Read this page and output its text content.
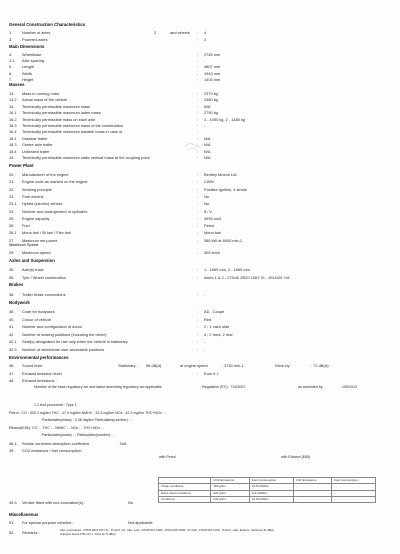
General Construction Characteristics
1.	Number of axles	2	and wheels : 4
3.	Powered axles	: 2
Main Dimensions
4.	Wheelbase	: 2745 mm
4.1. Axle spacing	: -
5.	Length	: 4807 mm
6.	Width	: 1943 mm
7.	Height	: 1404 mm
Masses
13. Mass in running order	: 2370 kg
13.2 Actual mass of the vehicle	: 2480 kg
14. Technically permissible maximum mass	: N/A
16.1 Technically permissible maximum laden mass	: 2750 kg
16.2 Technically permissible mass on each axle	: 1 - 1050 kg, 2 - 1480 kg
16.3 Technically permissible maximum mass of the combination	: -
16.4 Technically permissible maximum towable mass in case of	:
18.1 Drawbar trailer	: N/A
18.3 Centre axle trailer	: N/A
18.4 Unbraked trailer	: N/A
19. Technically permissible maximum static vertical mass at the coupling point	: N/A
Power Plant
20. Manufacturer of the engine	: Bentley Motors Ltd.
21. Engine code as marked on the engine	: CWM
22. Working principle	: Positive ignition, 4 stroke
23. Pure electric	: No
23.1 Hybrid (electric) vehicle	: No
24. Number and arrangement of cylinders	: 8 / V
25. Engine capacity	: 3993 cm3
26. Fuel	: Petrol
26.1 Mono fuel / Bi fuel / Flex fuel	: Mono fuel
27. Maximum net power	: 388 kW at 6000 min-1
Maximum Speed
29. Maximum speed	: 305 km/h
Axles and Suspension
30. Axle(s) track	: 1 - 1669 mm, 2 - 1660 mm
35. Tyre / Wheel combination	: Axles 1 & 2 - 275/40 ZR20 106Y XL ; 8½Jx20 +41
Brakes
36. Trailer brake connections	: -
Bodywork
38. Code for bodywork	: AD - Coupé
40. Colour of vehicle	: Red
41. Number and configuration of doors	: 2 ; 1 each side
42. Number of seating positions (including the driver)	: 4 ; 2 front, 2 rear
42.1 Seat(s) designated for use only when the vehicle is stationary	: -
42.3 Number of wheelchair user accessible positions	: -
Environmental performances
46. Sound level	Stationary : 96 dB(A)	at engine speed	: 3750 min-1	Drive-by:	: 72 dB(A)
47. Exhaust emission level	: Euro 6 J
48. Exhaust emissions :
Number of the base regulatory act and latest amending regulatory act applicable	: Regulation (EC) : 715/2007	as amended by	: 195/2013
1.1 test procedure : Type 1
Petrol : CO : 500.3 mg/km THC : 47.9 mg/km NMHC : 33.3 mg/km NOx : 42.2 mg/km THC+NOx : -
Particulates(mass) : 2.08 mg/km Particulates(number) : -
Ethanol(E85): CO : - THC : - NMHC : - NOx : - THC+NOx : -
Particulates(mass) : - Particulates(number) : -
48.1. Smoke corrected absorption coefficient	: N/A
49. CO2 emissions / fuel consumption :
with Petrol	with Ethanol (E85)
	CO2 Emissions	Fuel Consumption	CO2 Emissions	Fuel Consumption
Urban conditions	359 g/km	15.8 l/100km	-	-
Extra-urban conditions	205 g/km	9.0 l/100km	-	-
Combined	246 g/km	10.8 l/100km	-	-
49.3 Vehicle fitted with eco-innovation(s) :	No
Miscellaneous
51. For special purpose vehicles :	Not applicable
52. Remarks :	Alter. tyres/wheels : 275/35 ZR21 103Y XL ; 9½Jx21 +41 ; Alter. tyres : 275/35 R21 103W , 275/40 R20 106W ; 9½Jx20 ; 275/35 R21 103W ; 9½Jx21 ; Alter. Exhaust : Stationary 91 dB(A)
at Engine Speed 3750 min-1 ; Drive-by 72 dB(A)
